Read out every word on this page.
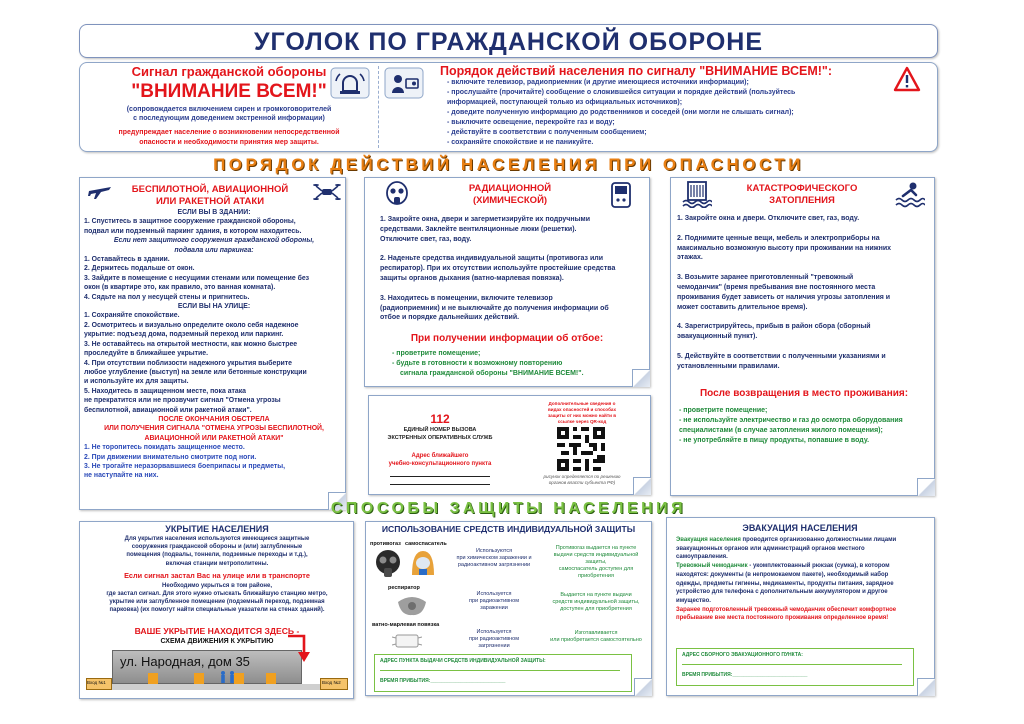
УГОЛОК ПО ГРАЖДАНСКОЙ ОБОРОНЕ
Сигнал гражданской обороны
"ВНИМАНИЕ ВСЕМ!"
(сопровождается включением сирен и громкоговорителей
с последующим доведением экстренной информации)
предупреждает население о возникновении непосредственной
опасности и необходимости принятия мер защиты.
Порядок действий населения по сигналу "ВНИМАНИЕ ВСЕМ!":
- включите телевизор, радиоприемник (и другие имеющиеся источники информации);
- прослушайте (прочитайте) сообщение о сложившейся ситуации и порядке действий (пользуйтесь
информацией, поступающей только из официальных источников);
- доведите полученную информацию до родственников и соседей (они могли не слышать сигнал);
- выключите освещение, перекройте газ и воду;
- действуйте в соответствии с полученным сообщением;
- сохраняйте спокойствие и не паникуйте.
ПОРЯДОК ДЕЙСТВИЙ НАСЕЛЕНИЯ ПРИ ОПАСНОСТИ
БЕСПИЛОТНОЙ, АВИАЦИОННОЙ
ИЛИ РАКЕТНОЙ АТАКИ
ЕСЛИ ВЫ В ЗДАНИИ:
1. Спуститесь в защитное сооружение гражданской обороны,
подвал или подземный паркинг здания, в котором находитесь.
Если нет защитного сооружения гражданской обороны,
подвала или паркинга:
1. Оставайтесь в здании.
2. Держитесь подальше от окон.
3. Зайдите в помещение с несущими стенами или помещение без
окон (в квартире это, как правило, это ванная комната).
4. Сядьте на пол у несущей стены и пригнитесь.
ЕСЛИ ВЫ НА УЛИЦЕ:
1. Сохраняйте спокойствие.
2. Осмотритесь и визуально определите около себя надежное
укрытие: подъезд дома, подземный переход или паркинг.
3. Не оставайтесь на открытой местности, как можно быстрее
проследуйте в ближайшее укрытие.
4. При отсутствии поблизости надежного укрытия выберите
любое углубление (выступ) на земле или бетонные конструкции
и используйте их для защиты.
5. Находитесь в защищенном месте, пока атака
не прекратится или не прозвучит сигнал "Отмена угрозы
беспилотной, авиационной или ракетной атаки".
ПОСЛЕ ОКОНЧАНИЯ ОБСТРЕЛА
ИЛИ ПОЛУЧЕНИЯ СИГНАЛА "ОТМЕНА УГРОЗЫ БЕСПИЛОТНОЙ,
АВИАЦИОННОЙ ИЛИ РАКЕТНОЙ АТАКИ"
1. Не торопитесь покидать защищенное место.
2. При движении внимательно смотрите под ноги.
3. Не трогайте неразорвавшиеся боеприпасы и предметы,
не наступайте на них.
РАДИАЦИОННОЙ
(ХИМИЧЕСКОЙ)
1. Закройте окна, двери и загерметизируйте их подручными
средствами. Заклейте вентиляционные люки (решетки).
Отключите свет, газ, воду.
2. Наденьте средства индивидуальной защиты (противогаз или
респиратор). При их отсутствии используйте простейшие средства
защиты органов дыхания (ватно-марлевая повязка).
3. Находитесь в помещении, включите телевизор
(радиоприемник) и не выключайте до получения информации об
отбое и порядке дальнейших действий.
При получении информации об отбое:
- проветрите помещение;
- будьте в готовности к возможному повторению
сигнала гражданской обороны "ВНИМАНИЕ ВСЕМ!".
112
ЕДИНЫЙ НОМЕР ВЫЗОВА
ЭКСТРЕННЫХ ОПЕРАТИВНЫХ СЛУЖБ
Адрес ближайшего
учебно-консультационного пункта
Дополнительные сведения о
видах опасностей и способах
защиты от них можно найти в
ссылке через QR-код
рисунок определяется по решению
органов власти субъекта РФ)
КАТАСТРОФИЧЕСКОГО
ЗАТОПЛЕНИЯ
1. Закройте окна и двери. Отключите свет, газ, воду.
2. Поднимите ценные вещи, мебель и электроприборы на
максимально возможную высоту при проживании на нижних
этажах.
3. Возьмите заранее приготовленный "тревожный
чемоданчик" (время пребывания вне постоянного места
проживания будет зависеть от наличия угрозы затопления и
может составить длительное время).
4. Зарегистрируйтесь, прибыв в район сбора (сборный
эвакуационный пункт).
5. Действуйте в соответствии с полученными указаниями и
установленными правилами.
После возвращения в место проживания:
- проветрите помещение;
- не используйте электричество и газ до осмотра оборудования
специалистами (в случае затопления жилого помещения);
- не употребляйте в пищу продукты, попавшие в воду.
СПОСОБЫ ЗАЩИТЫ НАСЕЛЕНИЯ
УКРЫТИЕ НАСЕЛЕНИЯ
Для укрытия населения используются имеющиеся защитные
сооружения гражданской обороны и (или) заглубленные
помещения (подвалы, тоннели, подземные переходы и т.д.),
включая станции метрополитены.
Если сигнал застал Вас на улице или в транспорте
Необходимо укрыться в том районе,
где застал сигнал. Для этого нужно отыскать ближайшую станцию метро,
укрытие или заглубленное помещение (подземный переход, подземная
парковка) (их помогут найти специальные указатели на стенах зданий).
ВАШЕ УКРЫТИЕ НАХОДИТСЯ ЗДЕСЬ -
СХЕМА ДВИЖЕНИЯ К УКРЫТИЮ
ул. Народная, дом 35
Вход №1	Вход №2
ИСПОЛЬЗОВАНИЕ СРЕДСТВ ИНДИВИДУАЛЬНОЙ ЗАЩИТЫ
противогаз самоспасатель
Используются
при химическом заражении и
радиоактивном загрязнении
Противогаз выдается на пункте
выдачи средств индивидуальной
защиты,
самоспасатель доступен для
приобретения
респиратор
Используется
при радиоактивном
заражении
Выдается на пункте выдачи
средств индивидуальной защиты,
доступен для приобретения
ватно-марлевая повязка
Используется
при радиоактивном
загрязнении
Изготавливается
или приобретается самостоятельно
АДРЕС ПУНКТА ВЫДАЧИ СРЕДСТВ ИНДИВИДУАЛЬНОЙ ЗАЩИТЫ:
ВРЕМЯ ПРИБЫТИЯ:___________________________
ЭВАКУАЦИЯ НАСЕЛЕНИЯ
Эвакуация населения проводится организованно должностными лицами
эвакуационных органов или администраций органов местного
самоуправления.
Тревожный чемоданчик - укомплектованный рюкзак (сумка), в котором
находятся: документы (в непромокаемом пакете), необходимый набор
одежды, предметы гигиены, медикаменты, продукты питания, зарядное
устройство для телефона с дополнительным аккумулятором и другое
имущество.
Заранее подготовленный тревожный чемоданчик обеспечит комфортное
пребывание вне места постоянного проживания определенное время!
АДРЕС СБОРНОГО ЭВАКУАЦИОННОГО ПУНКТА:
ВРЕМЯ ПРИБЫТИЯ:___________________________
